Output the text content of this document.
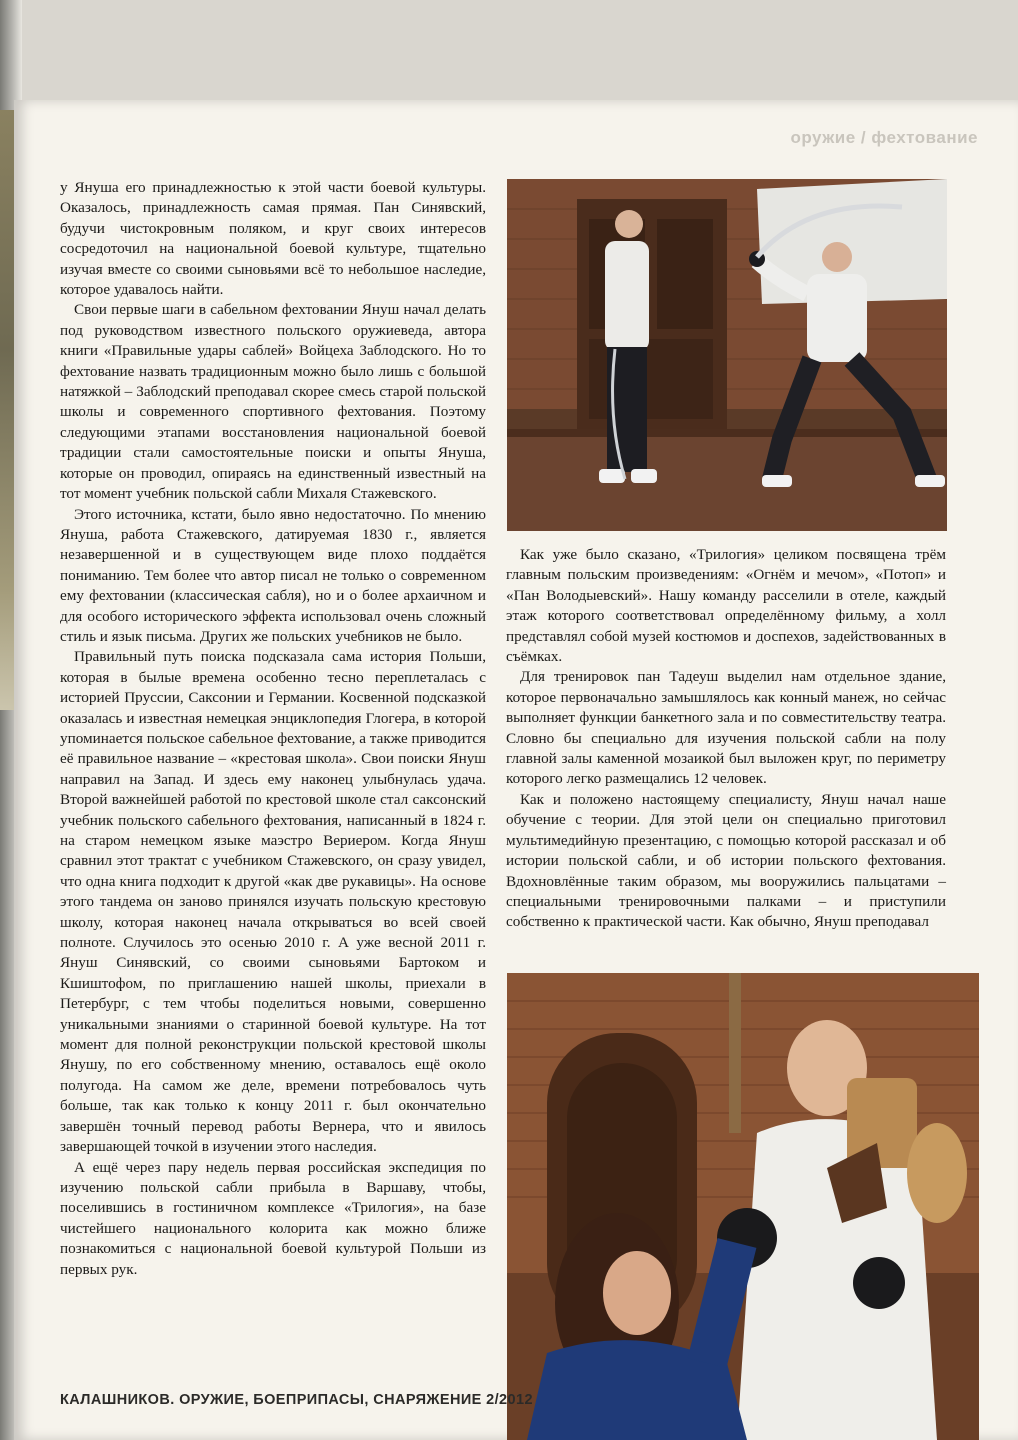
оружие / фехтование

у Януша его принадлежностью к этой части боевой культуры. Оказалось, принадлежность самая прямая. Пан Синявский, будучи чистокровным поляком, и круг своих интересов сосредоточил на национальной боевой культуре, тщательно изучая вместе со своими сыновьями всё то небольшое наследие, которое удавалось найти.

Свои первые шаги в сабельном фехтовании Януш начал делать под руководством известного польского оружиеведа, автора книги «Правильные удары саблей» Войцеха Заблодского. Но то фехтование назвать традиционным можно было лишь с большой натяжкой – Заблодский преподавал скорее смесь старой польской школы и современного спортивного фехтования. Поэтому следующими этапами восстановления национальной боевой традиции стали самостоятельные поиски и опыты Януша, которые он проводил, опираясь на единственный известный на тот момент учебник польской сабли Михаля Стажевского.

Этого источника, кстати, было явно недостаточно. По мнению Януша, работа Стажевского, датируемая 1830 г., является незавершенной и в существующем виде плохо поддаётся пониманию. Тем более что автор писал не только о современном ему фехтовании (классическая сабля), но и о более архаичном и для особого исторического эффекта использовал очень сложный стиль и язык письма. Других же польских учебников не было.

Правильный путь поиска подсказала сама история Польши, которая в былые времена особенно тесно переплеталась с историей Пруссии, Саксонии и Германии. Косвенной подсказкой оказалась и известная немецкая энциклопедия Глогера, в которой упоминается польское сабельное фехтование, а также приводится её правильное название – «крестовая школа». Свои поиски Януш направил на Запад. И здесь ему наконец улыбнулась удача. Второй важнейшей работой по крестовой школе стал саксонский учебник польского сабельного фехтования, написанный в 1824 г. на старом немецком языке маэстро Вериером. Когда Януш сравнил этот трактат с учебником Стажевского, он сразу увидел, что одна книга подходит к другой «как две рукавицы». На основе этого тандема он заново принялся изучать польскую крестовую школу, которая наконец начала открываться во всей своей полноте. Случилось это осенью 2010 г. А уже весной 2011 г. Януш Синявский, со своими сыновьями Бартоком и Кшиштофом, по приглашению нашей школы, приехали в Петербург, с тем чтобы поделиться новыми, совершенно уникальными знаниями о старинной боевой культуре. На тот момент для полной реконструкции польской крестовой школы Янушу, по его собственному мнению, оставалось ещё около полугода. На самом же деле, времени потребовалось чуть больше, так как только к концу 2011 г. был окончательно завершён точный перевод работы Вернера, что и явилось завершающей точкой в изучении этого наследия.

А ещё через пару недель первая российская экспедиция по изучению польской сабли прибыла в Варшаву, чтобы, поселившись в гостиничном комплексе «Трилогия», на базе чистейшего национального колорита как можно ближе познакомиться с национальной боевой культурой Польши из первых рук.

Как уже было сказано, «Трилогия» целиком посвящена трём главным польским произведениям: «Огнём и мечом», «Потоп» и «Пан Володыевский». Нашу команду расселили в отеле, каждый этаж которого соответствовал определённому фильму, а холл представлял собой музей костюмов и доспехов, задействованных в съёмках.

Для тренировок пан Тадеуш выделил нам отдельное здание, которое первоначально замышлялось как конный манеж, но сейчас выполняет функции банкетного зала и по совместительству театра. Словно бы специально для изучения польской сабли на полу главной залы каменной мозаикой был выложен круг, по периметру которого легко размещались 12 человек.

Как и положено настоящему специалисту, Януш начал наше обучение с теории. Для этой цели он специально приготовил мультимедийную презентацию, с помощью которой рассказал и об истории польской сабли, и об истории польского фехтования. Вдохновлённые таким образом, мы вооружились пальцатами – специальными тренировочными палками – и приступили собственно к практической части. Как обычно, Януш преподавал

КАЛАШНИКОВ. ОРУЖИЕ, БОЕПРИПАСЫ, СНАРЯЖЕНИЕ 2/2012
